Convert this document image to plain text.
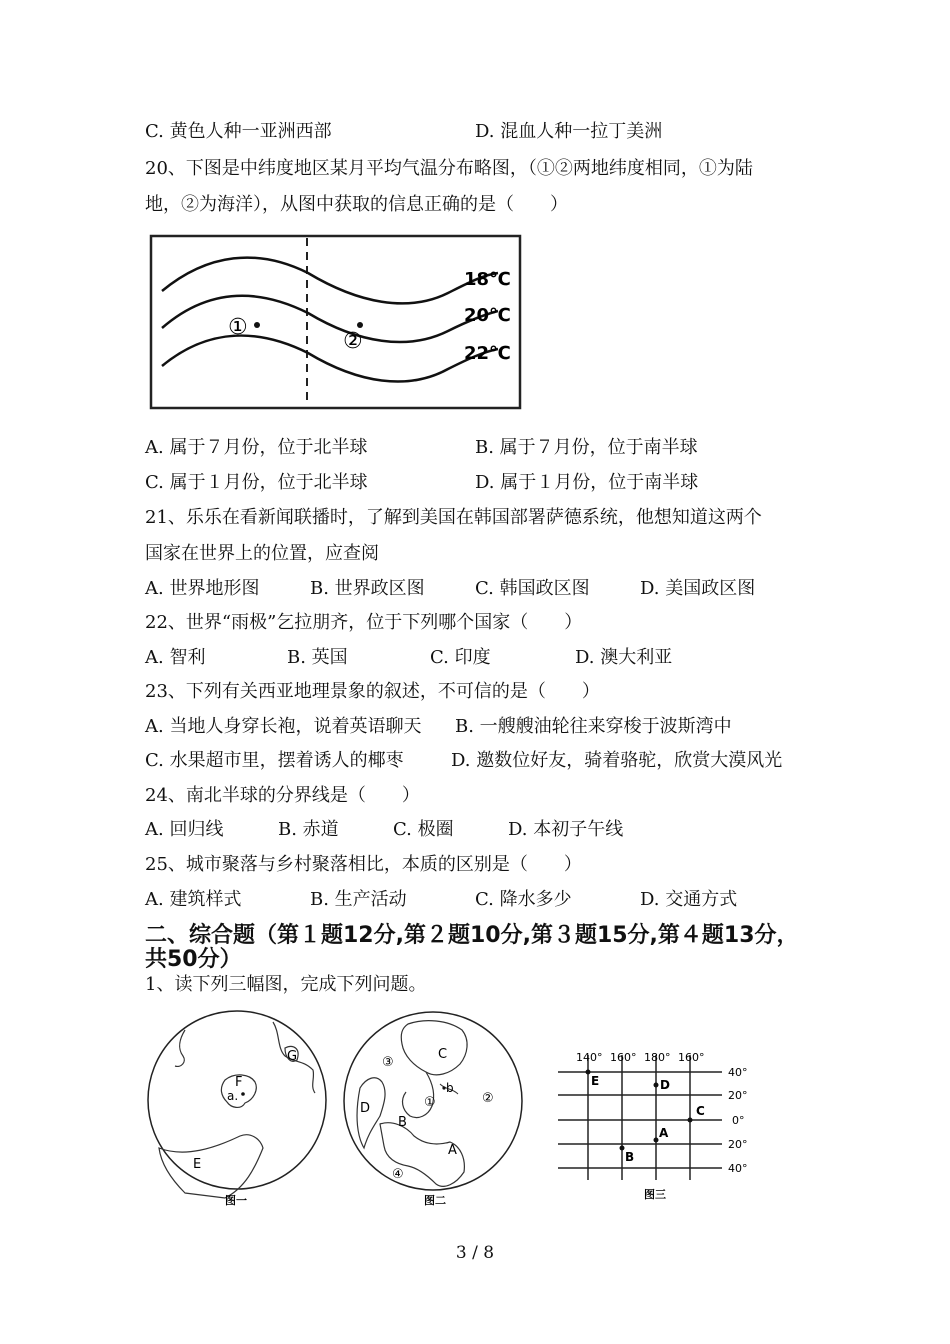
C. 黄色人种一亚洲西部	D. 混血人种一拉丁美洲
20、下图是中纬度地区某月平均气温分布略图，（①②两地纬度相同，①为陆
地，②为海洋），从图中获取的信息正确的是（　　）
18℃
20℃
22℃
①
②
A. 属于７月份，位于北半球	B. 属于７月份，位于南半球
C. 属于１月份，位于北半球	D. 属于１月份，位于南半球
21、乐乐在看新闻联播时，了解到美国在韩国部署萨德系统，他想知道这两个
国家在世界上的位置，应查阅
A. 世界地形图	B. 世界政区图	C. 韩国政区图	D. 美国政区图
22、世界“雨极”乞拉朋齐，位于下列哪个国家（　　）
A. 智利	B. 英国	C. 印度	D. 澳大利亚
23、下列有关西亚地理景象的叙述，不可信的是（　　）
A. 当地人身穿长袍，说着英语聊天 B. 一艘艘油轮往来穿梭于波斯湾中
C. 水果超市里，摆着诱人的椰枣	D. 邀数位好友，骑着骆驼，欣赏大漠风光
24、南北半球的分界线是（　　）
A. 回归线	B. 赤道	C. 极圈	D. 本初子午线
25、城市聚落与乡村聚落相比，本质的区别是（　　）
A. 建筑样式	B. 生产活动	C. 降水多少	D. 交通方式
二、综合题（第１题12分,第２题10分,第３题15分,第４题13分，
共50分）
1、读下列三幅图，完成下列问题。
F
a.
G
E
图一
C
③
D	①
b
B
②
A
④
图二
140° 160° 180° 160°
40°
20°
0°
20°
40°
E	D
C
A
B
图三
3 / 8
